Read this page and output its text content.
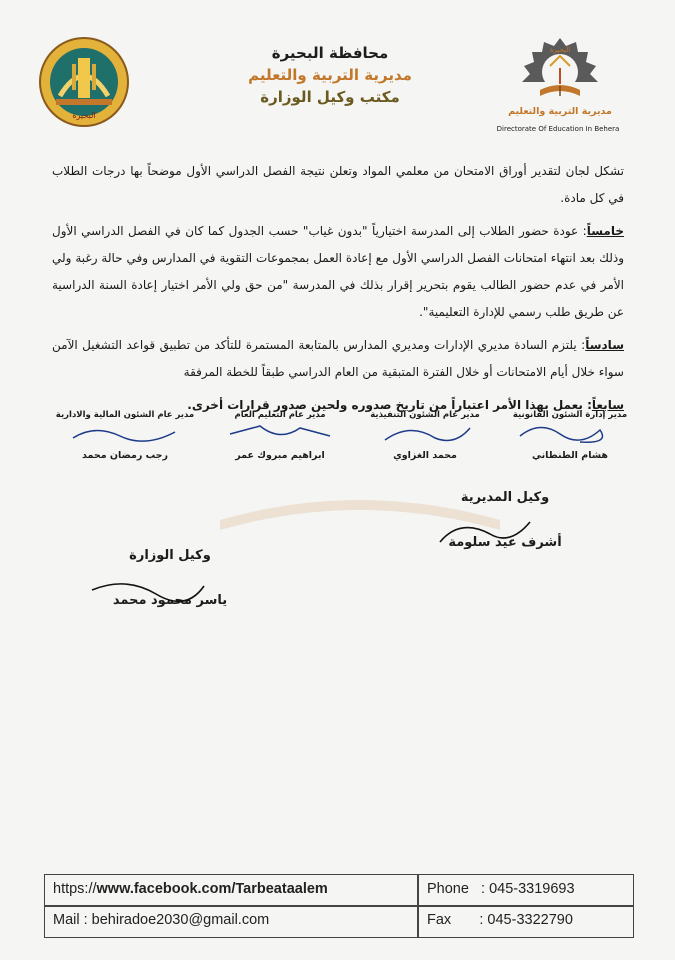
البحيرة
محافظة البحيرة
مديرية التربية والتعليم
مكتب وكيل الوزارة
البحيرة
مديرية التربية والتعليم
Directorate Of Education In Behera

تشكل لجان لتقدير أوراق الامتحان من معلمي المواد وتعلن نتيجة الفصل الدراسي الأول موضحاً بها درجات الطلاب في كل مادة.

خامساً: عودة حضور الطلاب إلى المدرسة اختيارياً "بدون غياب" حسب الجدول كما كان في الفصل الدراسي الأول وذلك بعد انتهاء امتحانات الفصل الدراسي الأول مع إعادة العمل بمجموعات التقوية في المدارس وفي حالة رغبة ولي الأمر في عدم حضور الطالب يقوم بتحرير إقرار بذلك في المدرسة "من حق ولي الأمر اختيار إعادة السنة الدراسية عن طريق طلب رسمي للإدارة التعليمية".

سادساً: يلتزم السادة مديري الإدارات ومديري المدارس بالمتابعة المستمرة للتأكد من تطبيق قواعد التشغيل الآمن سواء خلال أيام الامتحانات أو خلال الفترة المتبقية من العام الدراسي طبقاً للخطة المرفقة

سابعاً: يعمل بهذا الأمر اعتباراً من تاريخ صدوره ولحين صدور قرارات أخرى.

مدير إدارة الشئون القانونية
هشام الطنطاني
مدير عام الشئون التنفيذية
محمد الغزاوي
مدير عام التعليم العام
ابراهيم مبروك عمر
مدير عام الشئون المالية والادارية
رجب رمضان محمد
وكيل المديرية
أشرف عيد سلومة
وكيل الوزارة
ياسر محمود محمد
https://www.facebook.com/Tarbeataalem	Phone : 045-3319693
Mail : behiradoe2030@gmail.com	Fax : 045-3322790
